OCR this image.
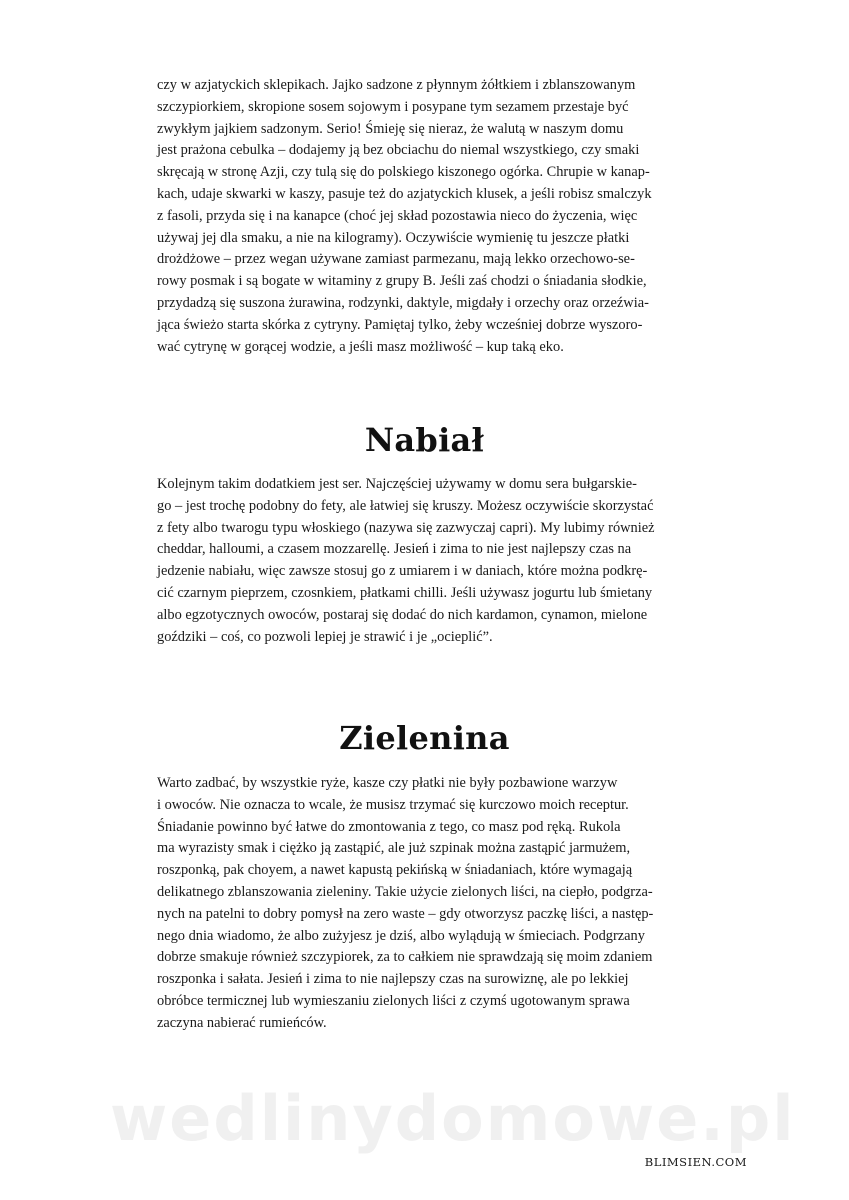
czy w azjatyckich sklepikach. Jajko sadzone z płynnym żółtkiem i zblanszowanym
szczypiorkiem, skropione sosem sojowym i posypane tym sezamem przestaje być
zwykłym jajkiem sadzonym. Serio! Śmieję się nieraz, że walutą w naszym domu
jest prażona cebulka – dodajemy ją bez obciachu do niemal wszystkiego, czy smaki
skręcają w stronę Azji, czy tulą się do polskiego kiszonego ogórka. Chrupie w kanap-
kach, udaje skwarki w kaszy, pasuje też do azjatyckich klusek, a jeśli robisz smalczyk
z fasoli, przyda się i na kanapce (choć jej skład pozostawia nieco do życzenia, więc
używaj jej dla smaku, a nie na kilogramy). Oczywiście wymienię tu jeszcze płatki
drożdżowe – przez wegan używane zamiast parmezanu, mają lekko orzechowo-se-
rowy posmak i są bogate w witaminy z grupy B. Jeśli zaś chodzi o śniadania słodkie,
przydadzą się suszona żurawina, rodzynki, daktyle, migdały i orzechy oraz orzeźwia-
jąca świeżo starta skórka z cytryny. Pamiętaj tylko, żeby wcześniej dobrze wyszoro-
wać cytrynę w gorącej wodzie, a jeśli masz możliwość – kup taką eko.
Nabiał
Kolejnym takim dodatkiem jest ser. Najczęściej używamy w domu sera bułgarskie-
go – jest trochę podobny do fety, ale łatwiej się kruszy. Możesz oczywiście skorzystać
z fety albo twarogu typu włoskiego (nazywa się zazwyczaj capri). My lubimy również
cheddar, halloumi, a czasem mozzarellę. Jesień i zima to nie jest najlepszy czas na
jedzenie nabiału, więc zawsze stosuj go z umiarem i w daniach, które można podkrę-
cić czarnym pieprzem, czosnkiem, płatkami chilli. Jeśli używasz jogurtu lub śmietany
albo egzotycznych owoców, postaraj się dodać do nich kardamon, cynamon, mielone
goździki – coś, co pozwoli lepiej je strawić i je „ocieplić”.
Zielenina
Warto zadbać, by wszystkie ryże, kasze czy płatki nie były pozbawione warzyw
i owoców. Nie oznacza to wcale, że musisz trzymać się kurczowo moich receptur.
Śniadanie powinno być łatwe do zmontowania z tego, co masz pod ręką. Rukola
ma wyrazisty smak i ciężko ją zastąpić, ale już szpinak można zastąpić jarmużem,
roszponką, pak choyem, a nawet kapustą pekińską w śniadaniach, które wymagają
delikatnego zblanszowania zieleniny. Takie użycie zielonych liści, na ciepło, podgrza-
nych na patelni to dobry pomysł na zero waste – gdy otworzysz paczkę liści, a następ-
nego dnia wiadomo, że albo zużyjesz je dziś, albo wylądują w śmieciach. Podgrzany
dobrze smakuje również szczypiorek, za to całkiem nie sprawdzają się moim zdaniem
roszponka i sałata. Jesień i zima to nie najlepszy czas na surowiznę, ale po lekkiej
obróbce termicznej lub wymieszaniu zielonych liści z czymś ugotowanym sprawa
zaczyna nabierać rumieńców.
wedlinydomowe.pl
BLIMSIEN.COM
